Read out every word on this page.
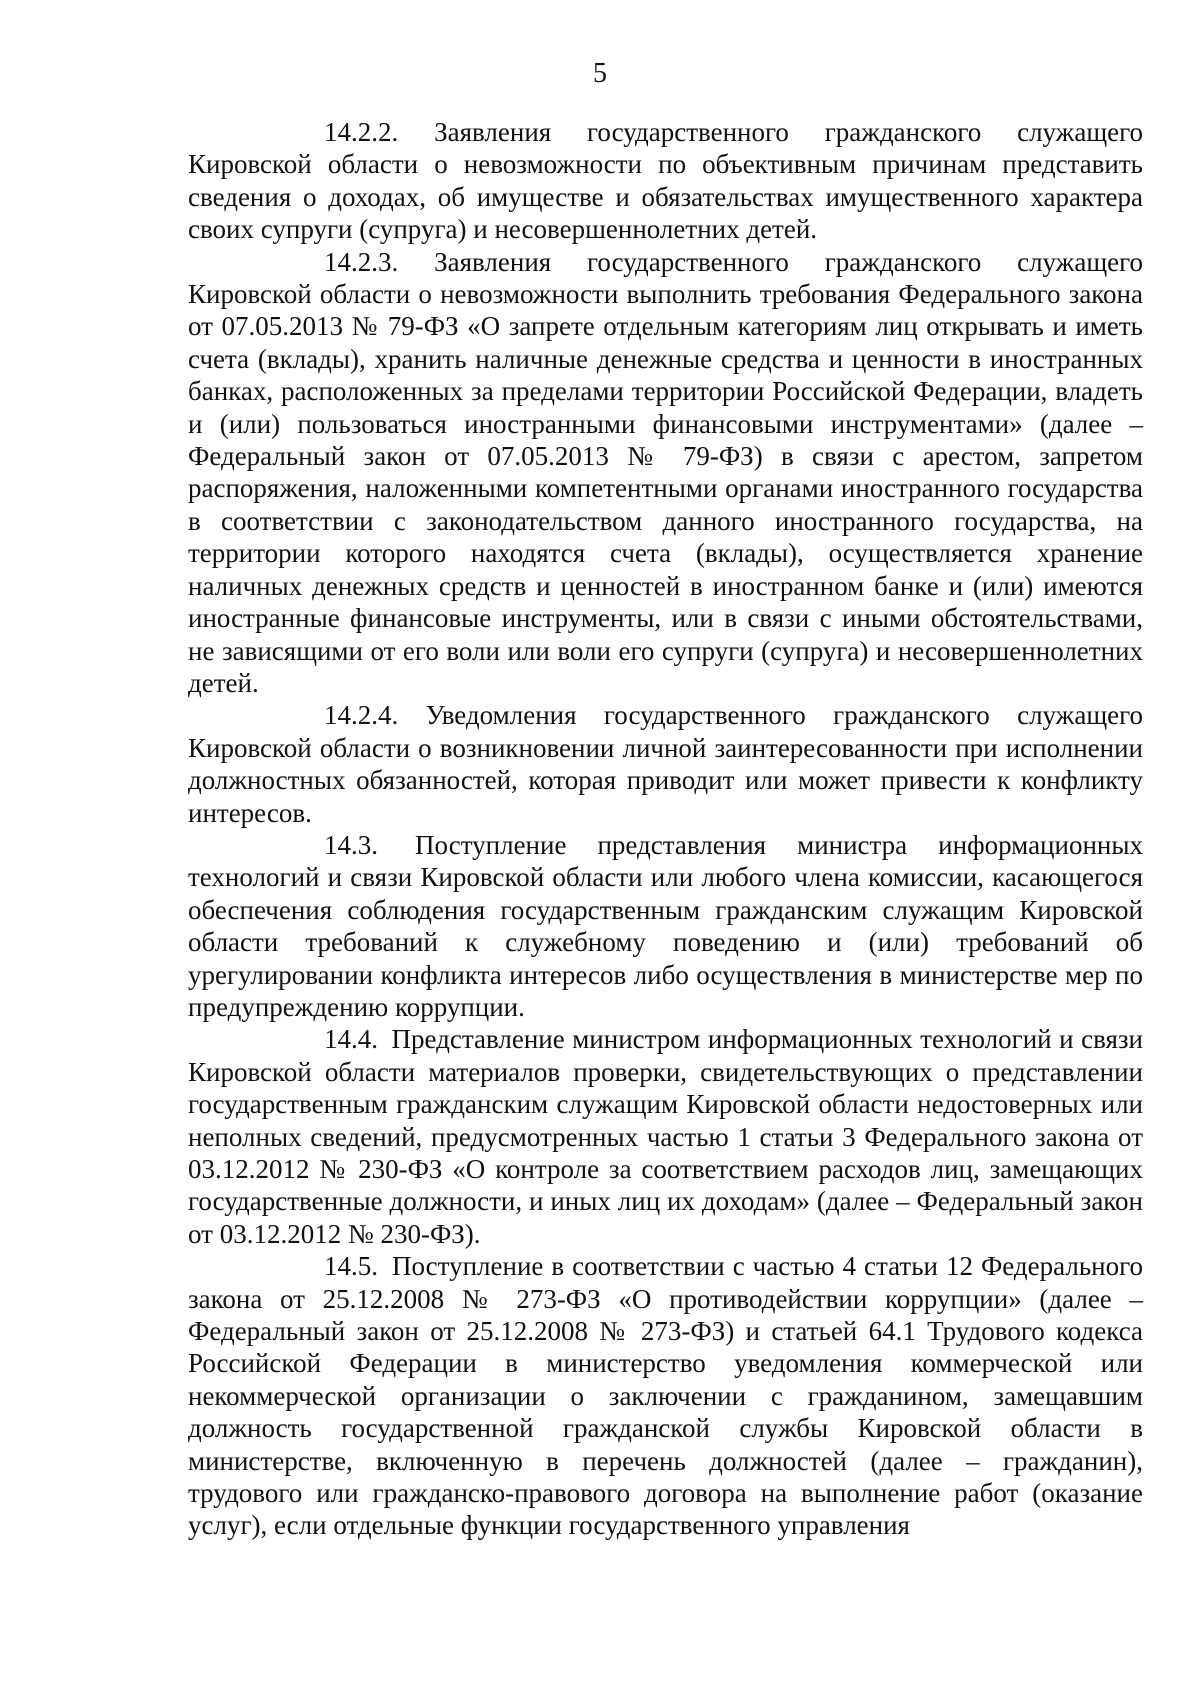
5

14.2.2. Заявления государственного гражданского служащего Кировской области о невозможности по объективным причинам представить сведения о доходах, об имуществе и обязательствах имущественного характера своих супруги (супруга) и несовершеннолетних детей.

14.2.3. Заявления государственного гражданского служащего Кировской области о невозможности выполнить требования Федерального закона от 07.05.2013 № 79-ФЗ «О запрете отдельным категориям лиц открывать и иметь счета (вклады), хранить наличные денежные средства и ценности в иностранных банках, расположенных за пределами территории Российской Федерации, владеть и (или) пользоваться иностранными финансовыми инструментами» (далее – Федеральный закон от 07.05.2013 № 79-ФЗ) в связи с арестом, запретом распоряжения, наложенными компетентными органами иностранного государства в соответствии с законодательством данного иностранного государства, на территории которого находятся счета (вклады), осуществляется хранение наличных денежных средств и ценностей в иностранном банке и (или) имеются иностранные финансовые инструменты, или в связи с иными обстоятельствами, не зависящими от его воли или воли его супруги (супруга) и несовершеннолетних детей.

14.2.4. Уведомления государственного гражданского служащего Кировской области о возникновении личной заинтересованности при исполнении должностных обязанностей, которая приводит или может привести к конфликту интересов.

14.3. Поступление представления министра информационных технологий и связи Кировской области или любого члена комиссии, касающегося обеспечения соблюдения государственным гражданским служащим Кировской области требований к служебному поведению и (или) требований об урегулировании конфликта интересов либо осуществления в министерстве мер по предупреждению коррупции.

14.4. Представление министром информационных технологий и связи Кировской области материалов проверки, свидетельствующих о представлении государственным гражданским служащим Кировской области недостоверных или неполных сведений, предусмотренных частью 1 статьи 3 Федерального закона от 03.12.2012 № 230-ФЗ «О контроле за соответствием расходов лиц, замещающих государственные должности, и иных лиц их доходам» (далее – Федеральный закон от 03.12.2012 № 230-ФЗ).

14.5. Поступление в соответствии с частью 4 статьи 12 Федерального закона от 25.12.2008 № 273-ФЗ «О противодействии коррупции» (далее – Федеральный закон от 25.12.2008 № 273-ФЗ) и статьей 64.1 Трудового кодекса Российской Федерации в министерство уведомления коммерческой или некоммерческой организации о заключении с гражданином, замещавшим должность государственной гражданской службы Кировской области в министерстве, включенную в перечень должностей (далее – гражданин), трудового или гражданско-правового договора на выполнение работ (оказание услуг), если отдельные функции государственного управления
